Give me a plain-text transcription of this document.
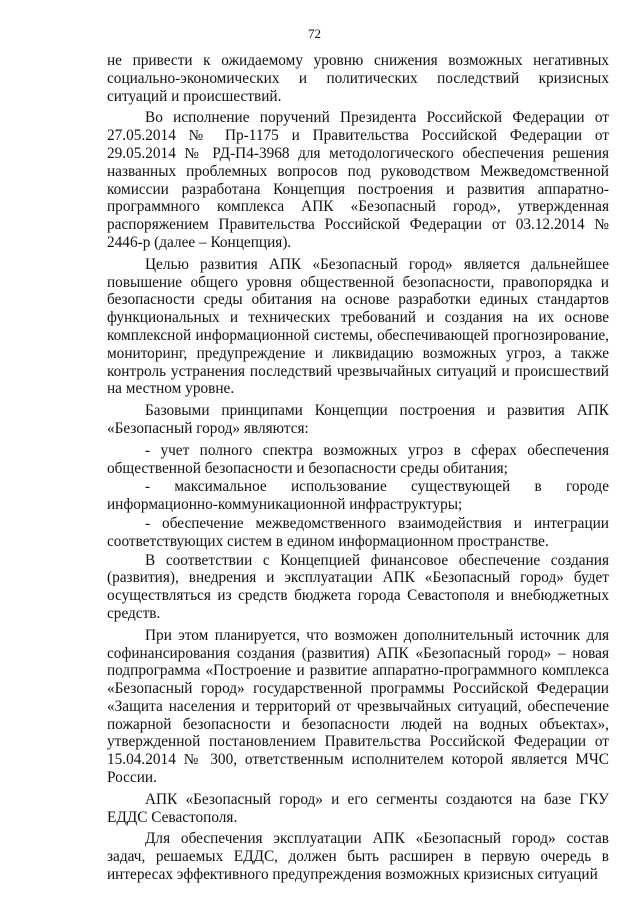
72

не привести к ожидаемому уровню снижения возможных негативных социально-экономических и политических последствий кризисных ситуаций и происшествий.

Во исполнение поручений Президента Российской Федерации от 27.05.2014 № Пр-1175 и Правительства Российской Федерации от 29.05.2014 № РД-П4-3968 для методологического обеспечения решения названных проблемных вопросов под руководством Межведомственной комиссии разработана Концепция построения и развития аппаратно-программного комплекса АПК «Безопасный город», утвержденная распоряжением Правительства Российской Федерации от 03.12.2014 № 2446-р (далее – Концепция).

Целью развития АПК «Безопасный город» является дальнейшее повышение общего уровня общественной безопасности, правопорядка и безопасности среды обитания на основе разработки единых стандартов функциональных и технических требований и создания на их основе комплексной информационной системы, обеспечивающей прогнозирование, мониторинг, предупреждение и ликвидацию возможных угроз, а также контроль устранения последствий чрезвычайных ситуаций и происшествий на местном уровне.

Базовыми принципами Концепции построения и развития АПК «Безопасный город» являются:

- учет полного спектра возможных угроз в сферах обеспечения общественной безопасности и безопасности среды обитания;

- максимальное использование существующей в городе информационно-коммуникационной инфраструктуры;

- обеспечение межведомственного взаимодействия и интеграции соответствующих систем в едином информационном пространстве.

В соответствии с Концепцией финансовое обеспечение создания (развития), внедрения и эксплуатации АПК «Безопасный город» будет осуществляться из средств бюджета города Севастополя и внебюджетных средств.

При этом планируется, что возможен дополнительный источник для софинансирования создания (развития) АПК «Безопасный город» – новая подпрограмма «Построение и развитие аппаратно-программного комплекса «Безопасный город» государственной программы Российской Федерации «Защита населения и территорий от чрезвычайных ситуаций, обеспечение пожарной безопасности и безопасности людей на водных объектах», утвержденной постановлением Правительства Российской Федерации от 15.04.2014 № 300, ответственным исполнителем которой является МЧС России.

АПК «Безопасный город» и его сегменты создаются на базе ГКУ ЕДДС Севастополя.

Для обеспечения эксплуатации АПК «Безопасный город» состав задач, решаемых ЕДДС, должен быть расширен в первую очередь в интересах эффективного предупреждения возможных кризисных ситуаций
